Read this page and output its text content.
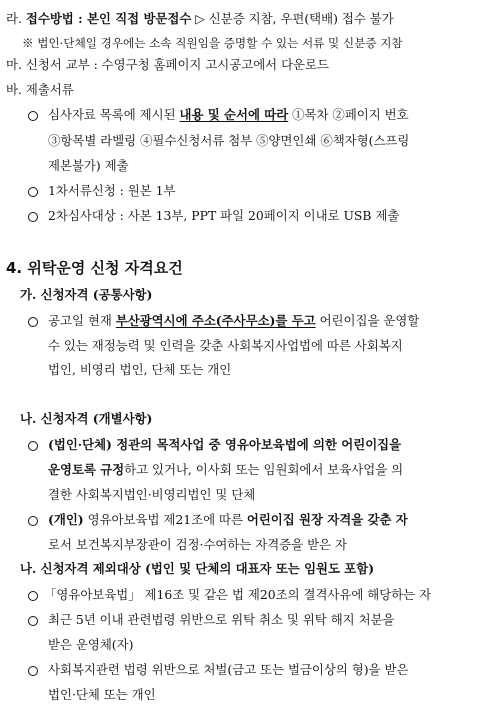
라. 접수방법 : 본인 직접 방문접수 ▷ 신분증 지참, 우편(택배) 접수 불가
※ 법인·단체일 경우에는 소속 직원임을 증명할 수 있는 서류 및 신분증 지참
마. 신청서 교부 : 수영구청 홈페이지 고시공고에서 다운로드
바. 제출서류
심사자료 목록에 제시된 내용 및 순서에 따라 ①목차 ②페이지 번호
③항목별 라벨링 ④필수신청서류 첨부 ⑤양면인쇄 ⑥책자형(스프링
제본불가) 제출
1차서류신청 : 원본 1부
2차심사대상 : 사본 13부, PPT 파일 20페이지 이내로 USB 제출
4. 위탁운영 신청 자격요건
가. 신청자격 (공통사항)
공고일 현재 부산광역시에 주소(주사무소)를 두고 어린이집을 운영할
수 있는 재정능력 및 인력을 갖춘 사회복지사업법에 따른 사회복지
법인, 비영리 법인, 단체 또는 개인
나. 신청자격 (개별사항)
(법인·단체) 정관의 목적사업 중 영유아보육법에 의한 어린이집을
운영토록 규정하고 있거나, 이사회 또는 임원회에서 보육사업을 의
결한 사회복지법인·비영리법인 및 단체
(개인) 영유아보육법 제21조에 따른 어린이집 원장 자격을 갖춘 자
로서 보건복지부장관이 검정·수여하는 자격증을 받은 자
나. 신청자격 제외대상 (법인 및 단체의 대표자 또는 임원도 포함)
「영유아보육법」 제16조 및 같은 법 제20조의 결격사유에 해당하는 자
최근 5년 이내 관련법령 위반으로 위탁 취소 및 위탁 해지 처분을
받은 운영체(자)
사회복지관련 법령 위반으로 처벌(금고 또는 벌금이상의 형)을 받은
법인·단체 또는 개인
